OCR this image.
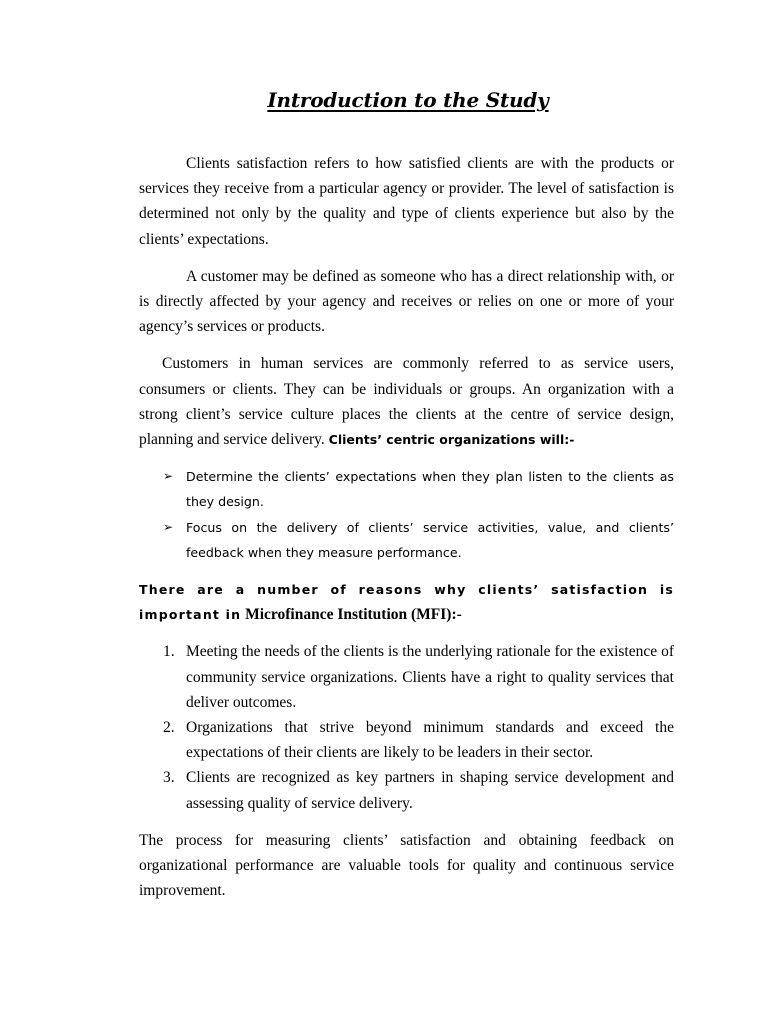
Introduction to the Study

Clients satisfaction refers to how satisfied clients are with the products or services they receive from a particular agency or provider. The level of satisfaction is determined not only by the quality and type of clients experience but also by the clients’ expectations.

A customer may be defined as someone who has a direct relationship with, or is directly affected by your agency and receives or relies on one or more of your agency’s services or products.

Customers in human services are commonly referred to as service users, consumers or clients. They can be individuals or groups. An organization with a strong client’s service culture places the clients at the centre of service design, planning and service delivery. Clients’ centric organizations will:-

➢ Determine the clients’ expectations when they plan listen to the clients as they design.
➢ Focus on the delivery of clients’ service activities, value, and clients’ feedback when they measure performance.

There are a number of reasons why clients’ satisfaction is important in Microfinance Institution (MFI):-

1. Meeting the needs of the clients is the underlying rationale for the existence of community service organizations. Clients have a right to quality services that deliver outcomes.
2. Organizations that strive beyond minimum standards and exceed the expectations of their clients are likely to be leaders in their sector.
3. Clients are recognized as key partners in shaping service development and assessing quality of service delivery.

The process for measuring clients’ satisfaction and obtaining feedback on organizational performance are valuable tools for quality and continuous service improvement.
